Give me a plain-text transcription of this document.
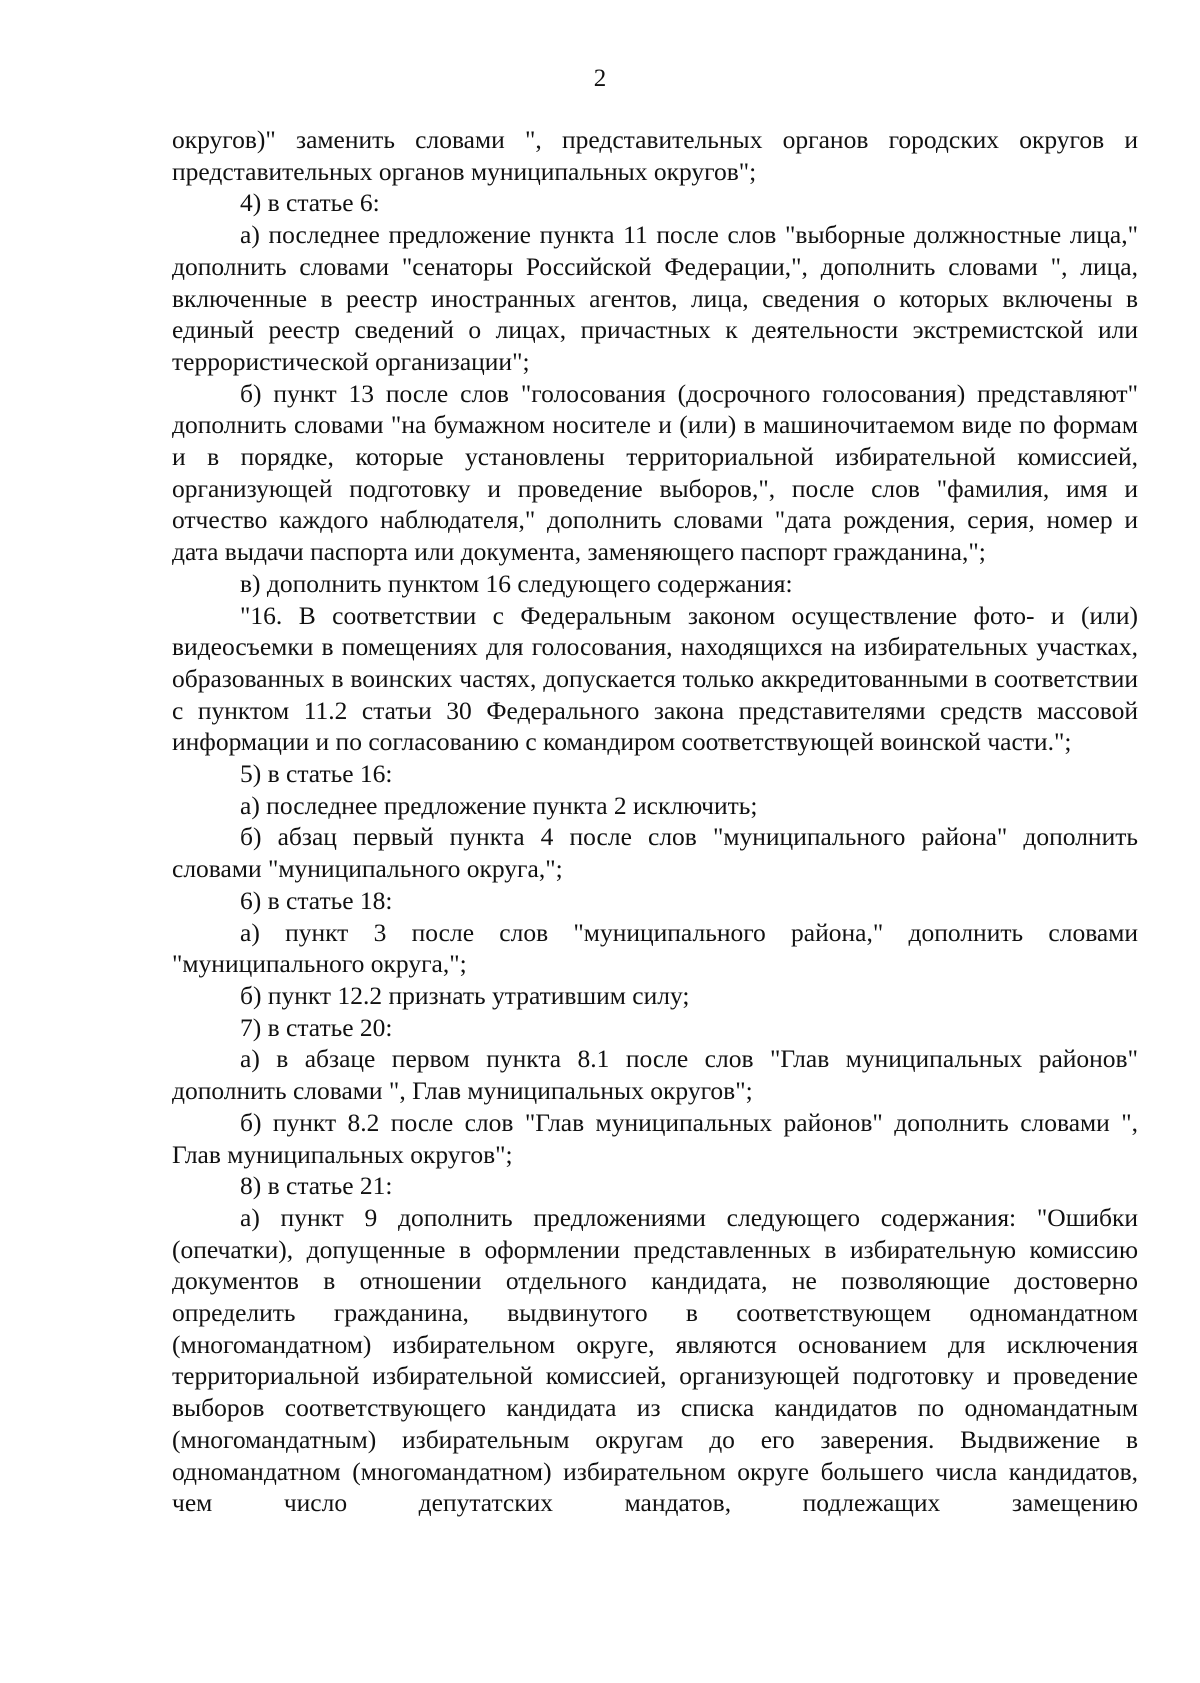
2

округов)" заменить словами ", представительных органов городских округов и представительных органов муниципальных округов";

4) в статье 6:

а) последнее предложение пункта 11 после слов "выборные должностные лица," дополнить словами "сенаторы Российской Федерации,", дополнить словами ", лица, включенные в реестр иностранных агентов, лица, сведения о которых включены в единый реестр сведений о лицах, причастных к деятельности экстремистской или террористической организации";

б) пункт 13 после слов "голосования (досрочного голосования) представляют" дополнить словами "на бумажном носителе и (или) в машиночитаемом виде по формам и в порядке, которые установлены территориальной избирательной комиссией, организующей подготовку и проведение выборов,", после слов "фамилия, имя и отчество каждого наблюдателя," дополнить словами "дата рождения, серия, номер и дата выдачи паспорта или документа, заменяющего паспорт гражданина,";

в) дополнить пунктом 16 следующего содержания:

"16. В соответствии с Федеральным законом осуществление фото- и (или) видеосъемки в помещениях для голосования, находящихся на избирательных участках, образованных в воинских частях, допускается только аккредитованными в соответствии с пунктом 11.2 статьи 30 Федерального закона представителями средств массовой информации и по согласованию с командиром соответствующей воинской части.";

5) в статье 16:

а) последнее предложение пункта 2 исключить;

б) абзац первый пункта 4 после слов "муниципального района" дополнить словами "муниципального округа,";

6) в статье 18:

а) пункт 3 после слов "муниципального района," дополнить словами "муниципального округа,";

б) пункт 12.2 признать утратившим силу;

7) в статье 20:

а) в абзаце первом пункта 8.1 после слов "Глав муниципальных районов" дополнить словами ", Глав муниципальных округов";

б) пункт 8.2 после слов "Глав муниципальных районов" дополнить словами ", Глав муниципальных округов";

8) в статье 21:

а) пункт 9 дополнить предложениями следующего содержания: "Ошибки (опечатки), допущенные в оформлении представленных в избирательную комиссию документов в отношении отдельного кандидата, не позволяющие достоверно определить гражданина, выдвинутого в соответствующем одномандатном (многомандатном) избирательном округе, являются основанием для исключения территориальной избирательной комиссией, организующей подготовку и проведение выборов соответствующего кандидата из списка кандидатов по одномандатным (многомандатным) избирательным округам до его заверения. Выдвижение в одномандатном (многомандатном) избирательном округе большего числа кандидатов, чем число депутатских мандатов, подлежащих замещению
